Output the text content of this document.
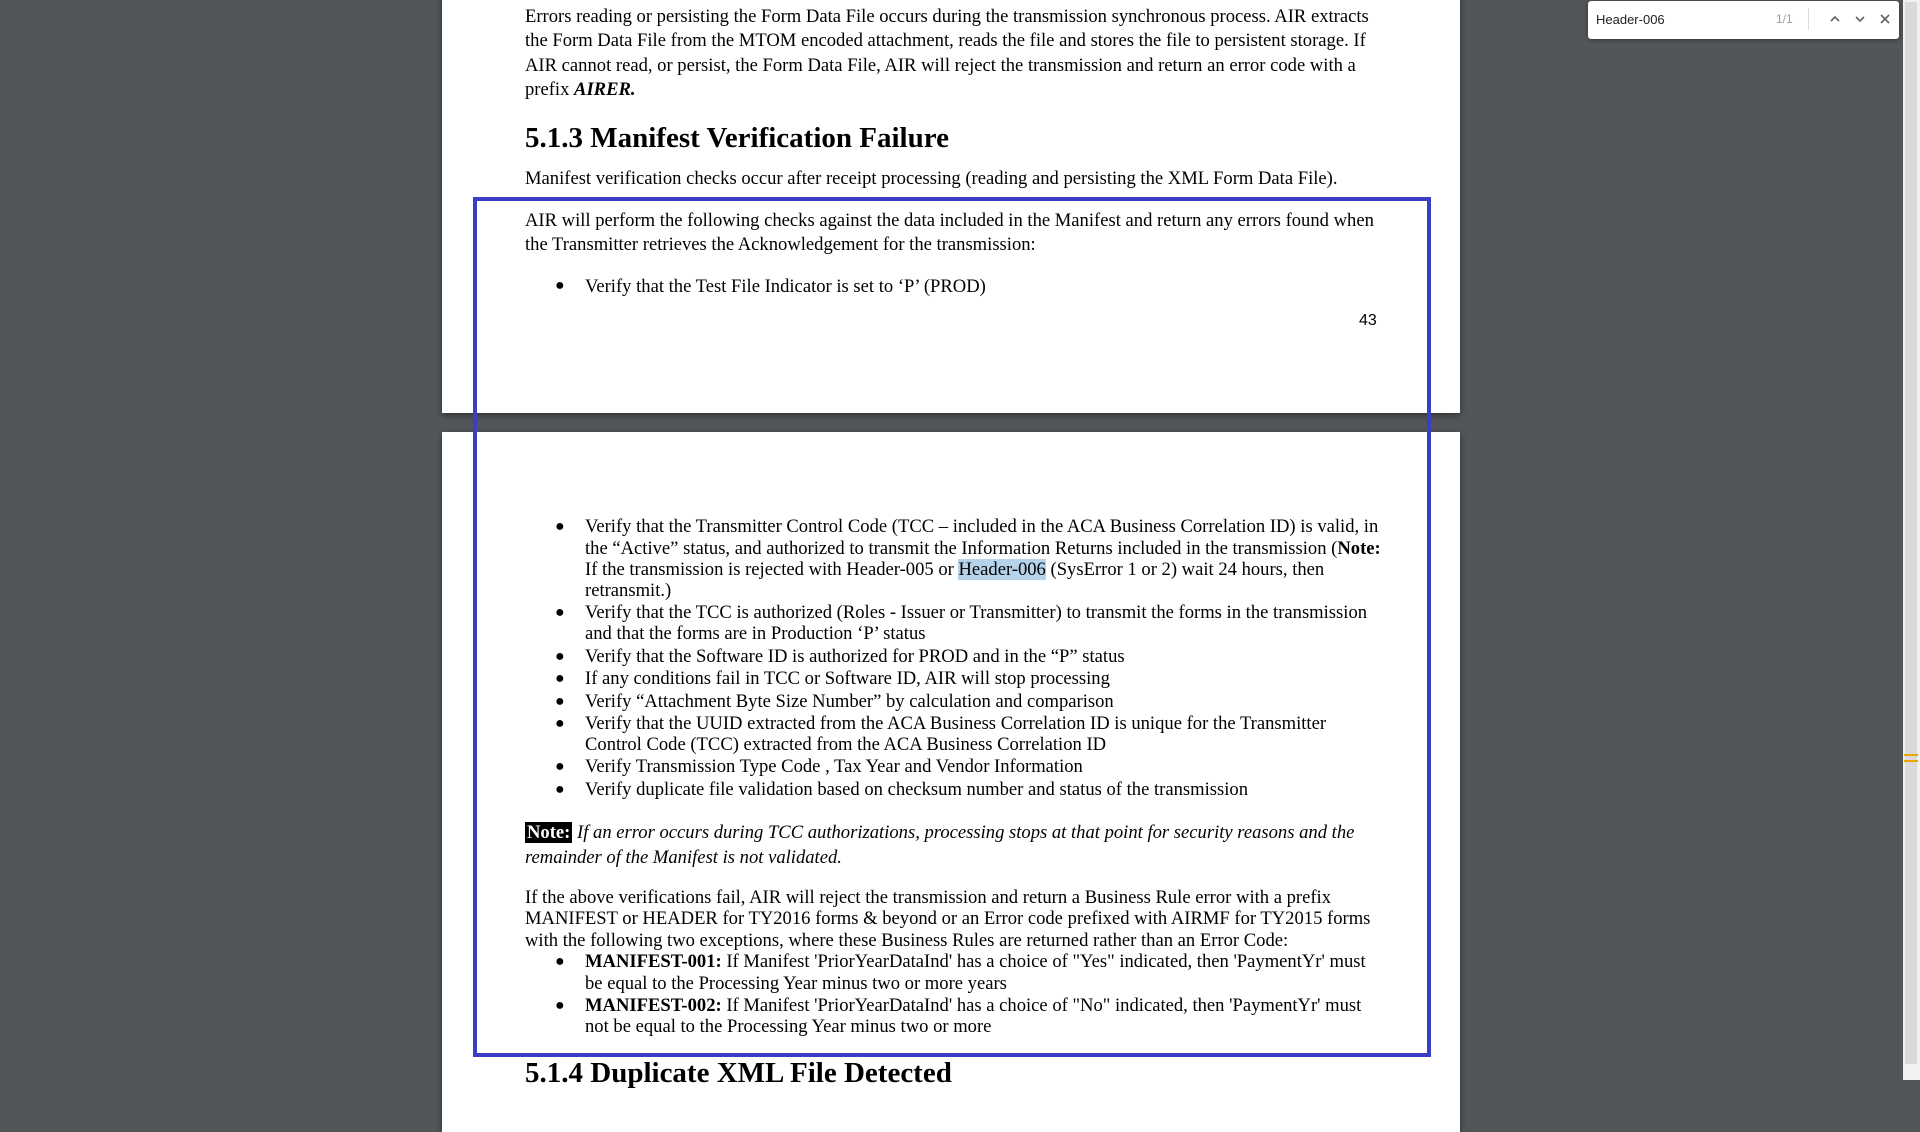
Errors reading or persisting the Form Data File occurs during the transmission synchronous process. AIR extracts
the Form Data File from the MTOM encoded attachment, reads the file and stores the file to persistent storage. If
AIR cannot read, or persist, the Form Data File, AIR will reject the transmission and return an error code with a
prefix AIRER.
5.1.3 Manifest Verification Failure
Manifest verification checks occur after receipt processing (reading and persisting the XML Form Data File).
AIR will perform the following checks against the data included in the Manifest and return any errors found when
the Transmitter retrieves the Acknowledgement for the transmission:
● Verify that the Test File Indicator is set to ‘P’ (PROD)
43
● Verify that the Transmitter Control Code (TCC – included in the ACA Business Correlation ID) is valid, in
the “Active” status, and authorized to transmit the Information Returns included in the transmission (Note:
If the transmission is rejected with Header-005 or Header-006 (SysError 1 or 2) wait 24 hours, then
retransmit.)
● Verify that the TCC is authorized (Roles - Issuer or Transmitter) to transmit the forms in the transmission
and that the forms are in Production ‘P’ status
● Verify that the Software ID is authorized for PROD and in the “P” status
● If any conditions fail in TCC or Software ID, AIR will stop processing
● Verify “Attachment Byte Size Number” by calculation and comparison
● Verify that the UUID extracted from the ACA Business Correlation ID is unique for the Transmitter
Control Code (TCC) extracted from the ACA Business Correlation ID
● Verify Transmission Type Code , Tax Year and Vendor Information
● Verify duplicate file validation based on checksum number and status of the transmission
Note: If an error occurs during TCC authorizations, processing stops at that point for security reasons and the
remainder of the Manifest is not validated.
If the above verifications fail, AIR will reject the transmission and return a Business Rule error with a prefix
MANIFEST or HEADER for TY2016 forms & beyond or an Error code prefixed with AIRMF for TY2015 forms
with the following two exceptions, where these Business Rules are returned rather than an Error Code:
● MANIFEST-001: If Manifest 'PriorYearDataInd' has a choice of "Yes" indicated, then 'PaymentYr' must
be equal to the Processing Year minus two or more years
● MANIFEST-002: If Manifest 'PriorYearDataInd' has a choice of "No" indicated, then 'PaymentYr' must
not be equal to the Processing Year minus two or more
5.1.4 Duplicate XML File Detected
Header-006
1/1
